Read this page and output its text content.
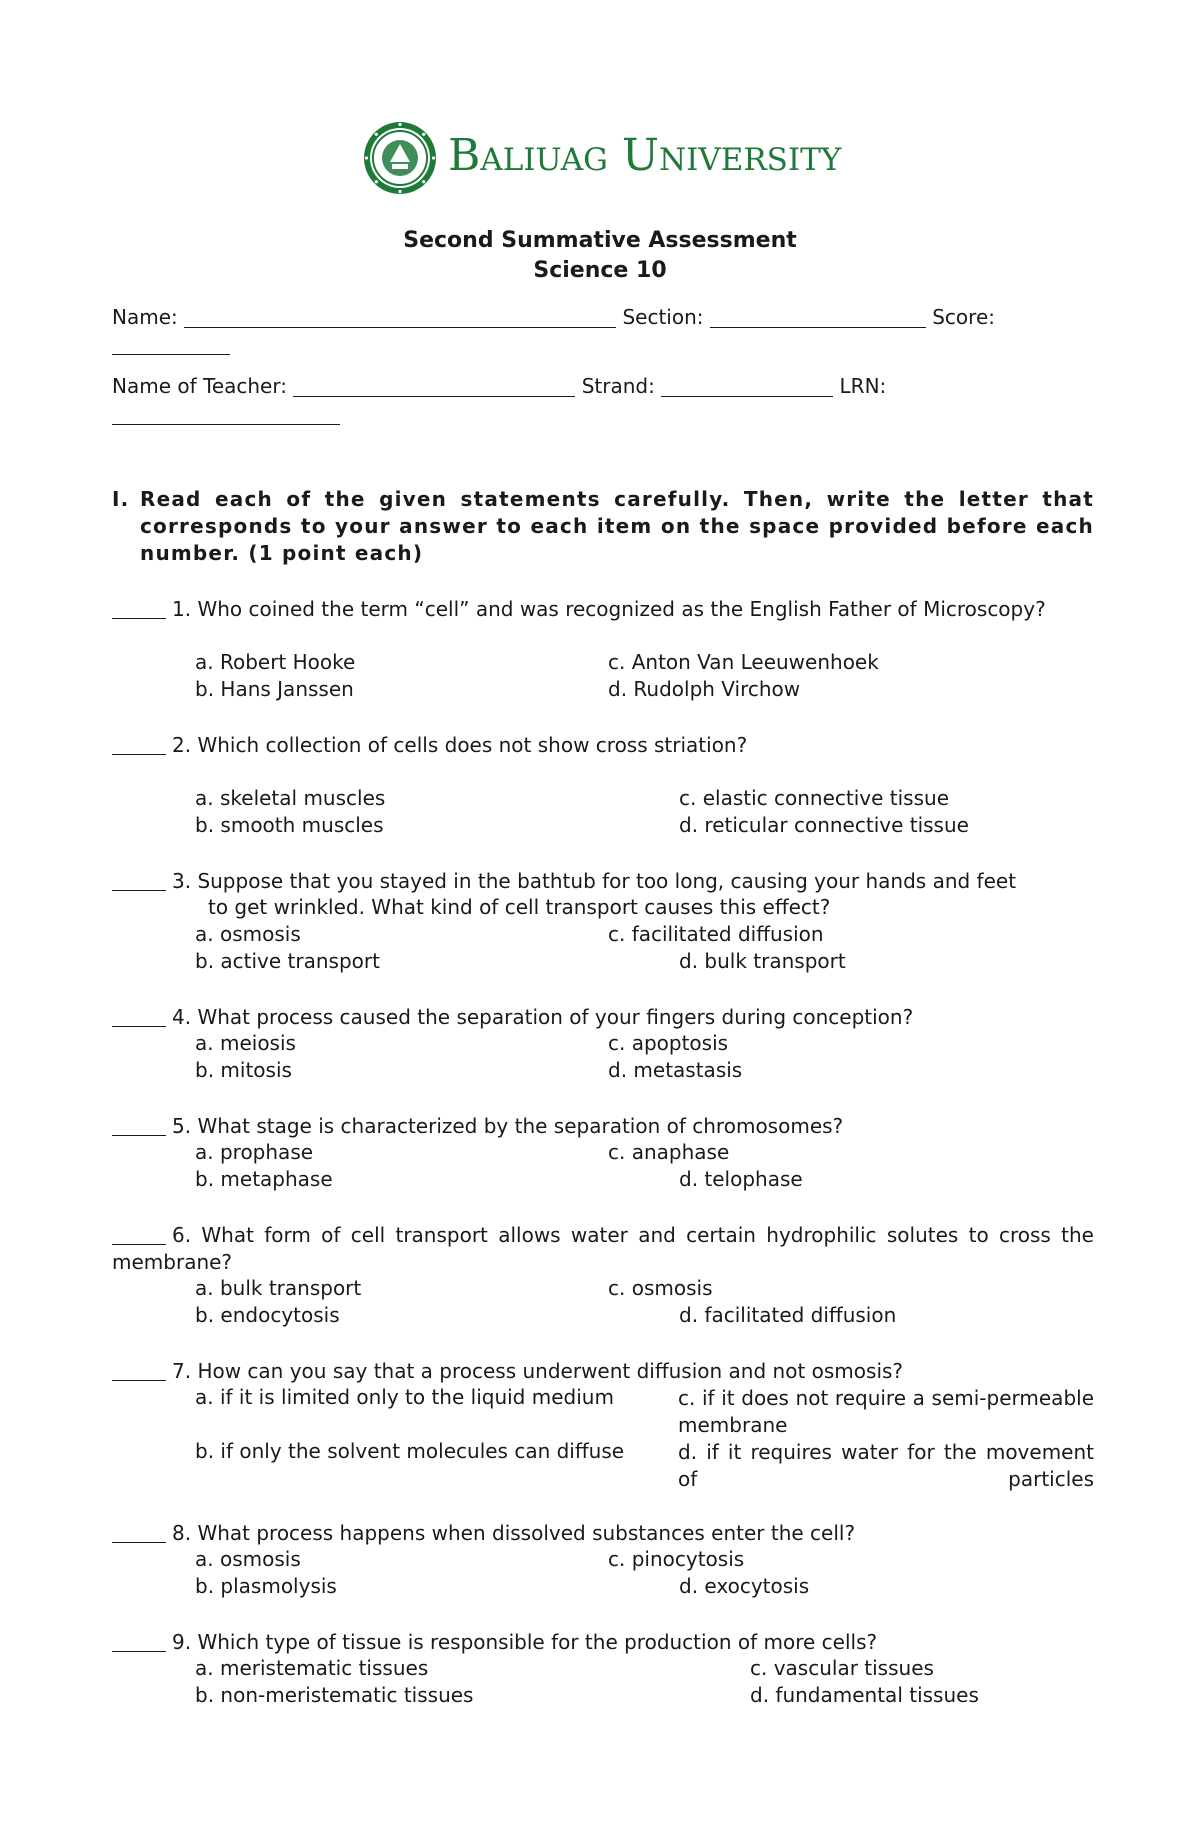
Baliuag University
Second Summative Assessment
Science 10
Name:	Section:	Score:
Name of Teacher:	Strand:	LRN:
I. Read each of the given statements carefully. Then, write the letter that corresponds to your answer to each item on the space provided before each number. (1 point each)
1. Who coined the term “cell” and was recognized as the English Father of Microscopy?
a. Robert Hooke
b. Hans Janssen
c. Anton Van Leeuwenhoek
d. Rudolph Virchow
2. Which collection of cells does not show cross striation?
a. skeletal muscles
b. smooth muscles
c. elastic connective tissue
d. reticular connective tissue
3. Suppose that you stayed in the bathtub for too long, causing your hands and feet
to get wrinkled. What kind of cell transport causes this effect?
a. osmosis
b. active transport
c. facilitated diffusion
d. bulk transport
4. What process caused the separation of your fingers during conception?
a. meiosis
b. mitosis
c. apoptosis
d. metastasis
5. What stage is characterized by the separation of chromosomes?
a. prophase
b. metaphase
c. anaphase
d. telophase
6. What form of cell transport allows water and certain hydrophilic solutes to cross the membrane?
a. bulk transport
b. endocytosis
c. osmosis
d. facilitated diffusion
7. How can you say that a process underwent diffusion and not osmosis?
a. if it is limited only to the liquid medium	c. if it does not require a semi-permeable membrane
b. if only the solvent molecules can diffuse	d. if it requires water for the movement of particles
8. What process happens when dissolved substances enter the cell?
a. osmosis
b. plasmolysis
c. pinocytosis
d. exocytosis
9. Which type of tissue is responsible for the production of more cells?
a. meristematic tissues
b. non-meristematic tissues
c. vascular tissues
d. fundamental tissues
